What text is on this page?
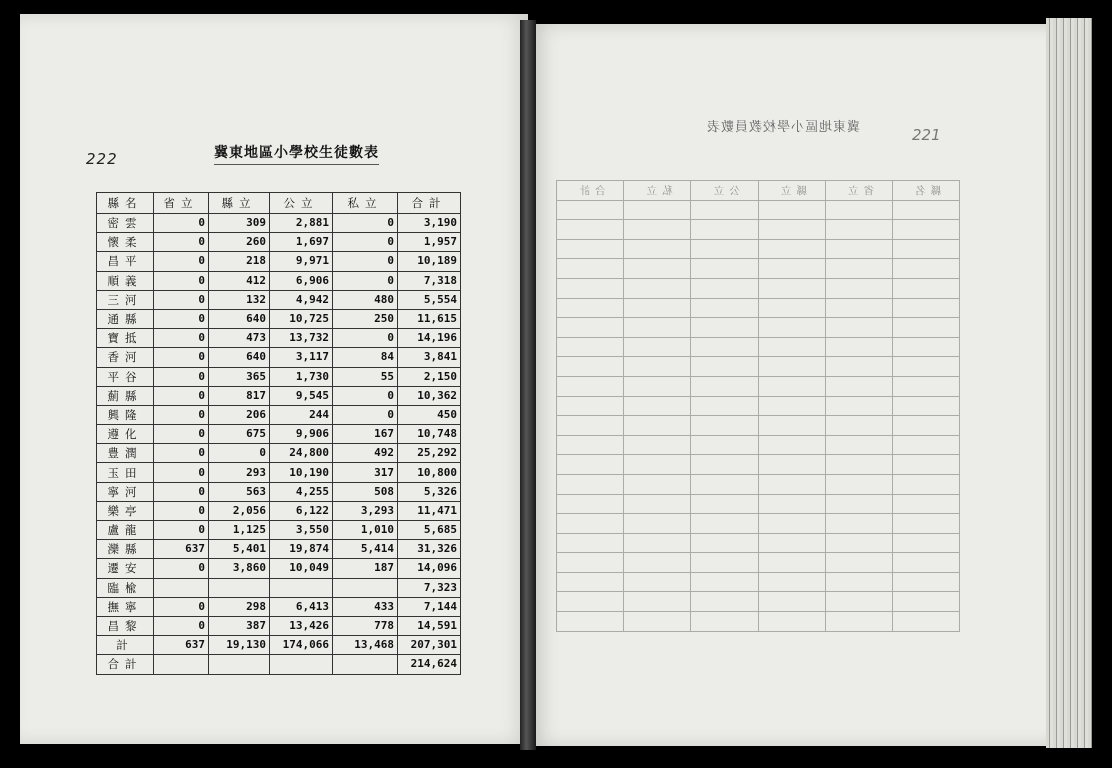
222
221
冀東地區小學校生徒數表
縣名	省立	縣立	公立	私立	合計
密雲	0	309	2,881	0	3,190
懷柔	0	260	1,697	0	1,957
昌平	0	218	9,971	0	10,189
順義	0	412	6,906	0	7,318
三河	0	132	4,942	480	5,554
通縣	0	640	10,725	250	11,615
寶抵	0	473	13,732	0	14,196
香河	0	640	3,117	84	3,841
平谷	0	365	1,730	55	2,150
薊縣	0	817	9,545	0	10,362
興隆	0	206	244	0	450
遵化	0	675	9,906	167	10,748
豊潤	0	0	24,800	492	25,292
玉田	0	293	10,190	317	10,800
寧河	0	563	4,255	508	5,326
樂亭	0	2,056	6,122	3,293	11,471
盧龍	0	1,125	3,550	1,010	5,685
灤縣	637	5,401	19,874	5,414	31,326
遷安	0	3,860	10,049	187	14,096
臨楡					7,323
撫寧	0	298	6,413	433	7,144
昌黎	0	387	13,426	778	14,591
計	637	19,130	174,066	13,468	207,301
合計					214,624
冀東地區小學校教員數表
縣名	省立	縣立	公立	私立	合計
